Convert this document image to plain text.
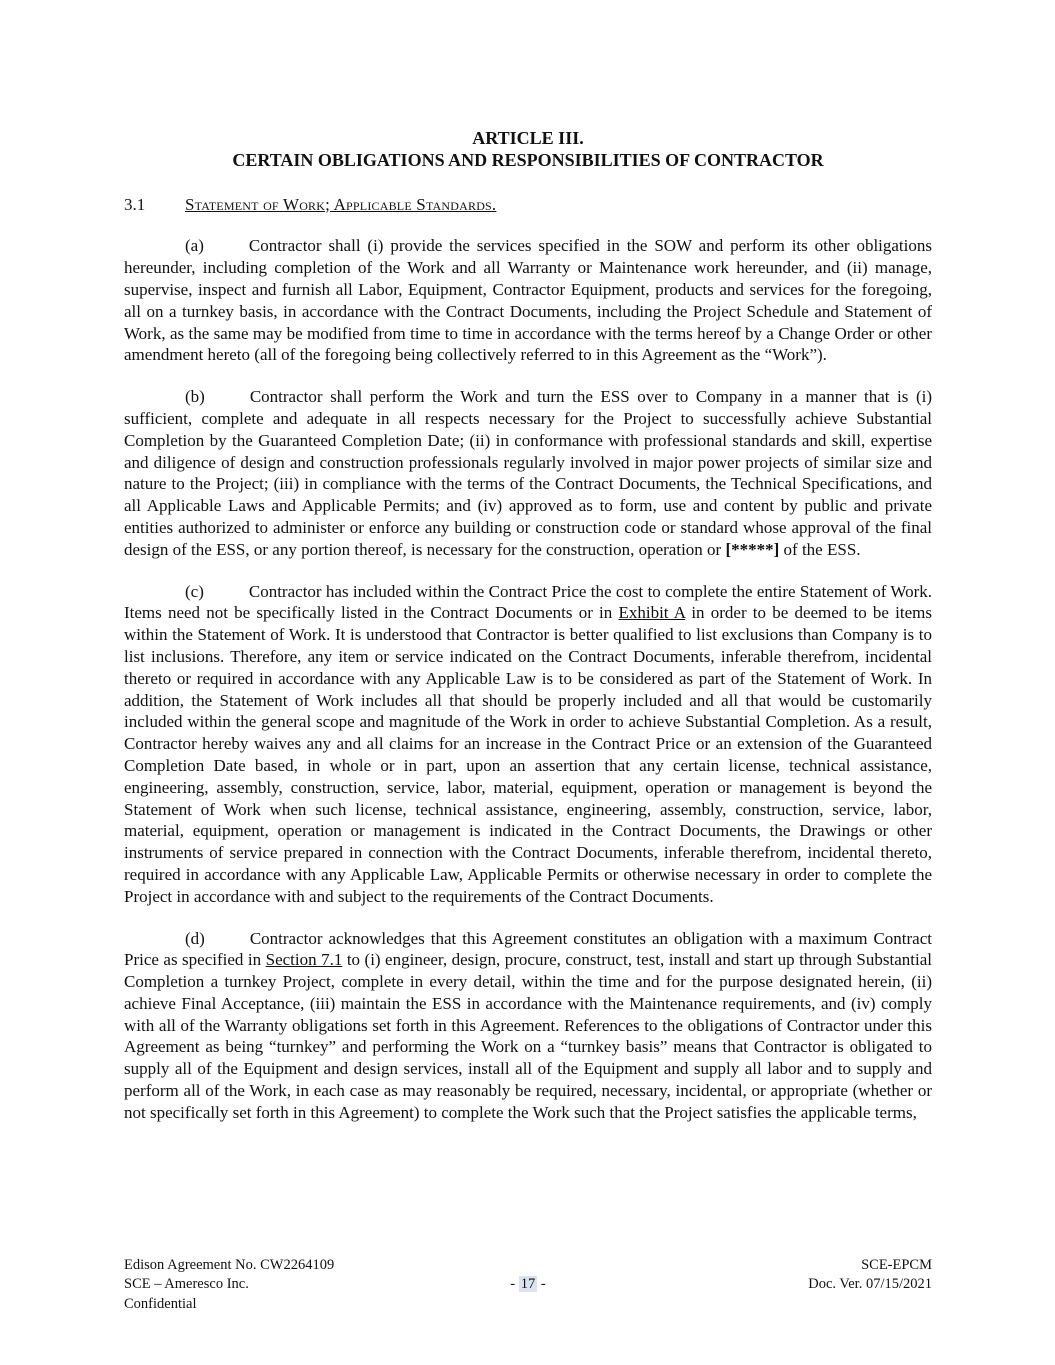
ARTICLE III.
CERTAIN OBLIGATIONS AND RESPONSIBILITIES OF CONTRACTOR
3.1 Statement of Work; Applicable Standards.

(a)	Contractor shall (i) provide the services specified in the SOW and perform its other obligations hereunder, including completion of the Work and all Warranty or Maintenance work hereunder, and (ii) manage, supervise, inspect and furnish all Labor, Equipment, Contractor Equipment, products and services for the foregoing, all on a turnkey basis, in accordance with the Contract Documents, including the Project Schedule and Statement of Work, as the same may be modified from time to time in accordance with the terms hereof by a Change Order or other amendment hereto (all of the foregoing being collectively referred to in this Agreement as the “Work”).

(b)	Contractor shall perform the Work and turn the ESS over to Company in a manner that is (i) sufficient, complete and adequate in all respects necessary for the Project to successfully achieve Substantial Completion by the Guaranteed Completion Date; (ii) in conformance with professional standards and skill, expertise and diligence of design and construction professionals regularly involved in major power projects of similar size and nature to the Project; (iii) in compliance with the terms of the Contract Documents, the Technical Specifications, and all Applicable Laws and Applicable Permits; and (iv) approved as to form, use and content by public and private entities authorized to administer or enforce any building or construction code or standard whose approval of the final design of the ESS, or any portion thereof, is necessary for the construction, operation or [*****] of the ESS.

(c)	Contractor has included within the Contract Price the cost to complete the entire Statement of Work. Items need not be specifically listed in the Contract Documents or in Exhibit A in order to be deemed to be items within the Statement of Work. It is understood that Contractor is better qualified to list exclusions than Company is to list inclusions. Therefore, any item or service indicated on the Contract Documents, inferable therefrom, incidental thereto or required in accordance with any Applicable Law is to be considered as part of the Statement of Work. In addition, the Statement of Work includes all that should be properly included and all that would be customarily included within the general scope and magnitude of the Work in order to achieve Substantial Completion. As a result, Contractor hereby waives any and all claims for an increase in the Contract Price or an extension of the Guaranteed Completion Date based, in whole or in part, upon an assertion that any certain license, technical assistance, engineering, assembly, construction, service, labor, material, equipment, operation or management is beyond the Statement of Work when such license, technical assistance, engineering, assembly, construction, service, labor, material, equipment, operation or management is indicated in the Contract Documents, the Drawings or other instruments of service prepared in connection with the Contract Documents, inferable therefrom, incidental thereto, required in accordance with any Applicable Law, Applicable Permits or otherwise necessary in order to complete the Project in accordance with and subject to the requirements of the Contract Documents.

(d)	Contractor acknowledges that this Agreement constitutes an obligation with a maximum Contract Price as specified in Section 7.1 to (i) engineer, design, procure, construct, test, install and start up through Substantial Completion a turnkey Project, complete in every detail, within the time and for the purpose designated herein, (ii) achieve Final Acceptance, (iii) maintain the ESS in accordance with the Maintenance requirements, and (iv) comply with all of the Warranty obligations set forth in this Agreement. References to the obligations of Contractor under this Agreement as being “turnkey” and performing the Work on a “turnkey basis” means that Contractor is obligated to supply all of the Equipment and design services, install all of the Equipment and supply all labor and to supply and perform all of the Work, in each case as may reasonably be required, necessary, incidental, or appropriate (whether or not specifically set forth in this Agreement) to complete the Work such that the Project satisfies the applicable terms,

Edison Agreement No. CW2264109
SCE – Ameresco Inc.
Confidential
- 17 -
SCE-EPCM
Doc. Ver. 07/15/2021
